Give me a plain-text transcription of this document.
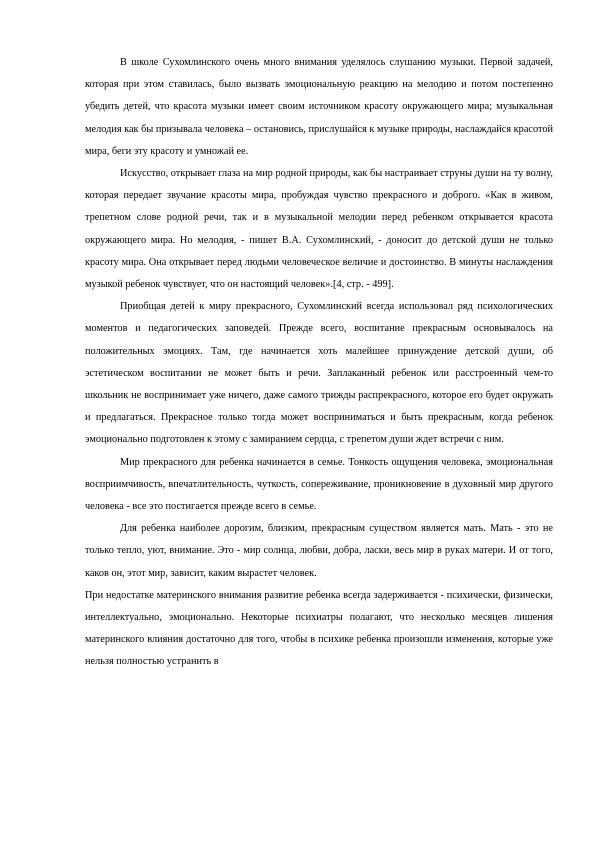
В школе Сухомлинского очень много внимания уделялось слушанию музыки. Первой задачей, которая при этом ставилась, было вызвать эмоциональную реакцию на мелодию и потом постепенно убедить детей, что красота музыки имеет своим источником красоту окружающего мира; музыкальная мелодия как бы призывала человека – остановись, прислушайся к музыке природы, наслаждайся красотой мира, беги эту красоту и умножай ее.

Искусство, открывает глаза на мир родной природы, как бы настраивает струны души на ту волну, которая передает звучание красоты мира, пробуждая чувство прекрасного и доброго. «Как в живом, трепетном слове родной речи, так и в музыкальной мелодии перед ребенком открывается красота окружающего мира. Но мелодия, - пишет В.А. Сухомлинский, - доносит до детской души не только красоту мира. Она открывает перед людьми человеческое величие и достоинство. В минуты наслаждения музыкой ребенок чувствует, что он настоящий человек».[4, стр. - 499].

Приобщая детей к миру прекрасного, Сухомлинский всегда использовал ряд психологических моментов и педагогических заповедей. Прежде всего, воспитание прекрасным основывалось на положительных эмоциях. Там, где начинается хоть малейшее принуждение детской души, об эстетическом воспитании не может быть и речи. Заплаканный ребенок или расстроенный чем-то школьник не воспринимает уже ничего, даже самого трижды распрекрасного, которое его будет окружать и предлагаться. Прекрасное только тогда может восприниматься и быть прекрасным, когда ребенок эмоционально подготовлен к этому с замиранием сердца, с трепетом души ждет встречи с ним.

Мир прекрасного для ребенка начинается в семье. Тонкость ощущения человека, эмоциональная восприимчивость, впечатлительность, чуткость, сопереживание, проникновение в духовный мир другого человека - все это постигается прежде всего в семье.

Для ребенка наиболее дорогим, близким, прекрасным существом является мать. Мать - это не только тепло, уют, внимание. Это - мир солнца, любви, добра, ласки, весь мир в руках матери. И от того, каков он, этот мир, зависит, каким вырастет человек.

При недостатке материнского внимания развитие ребенка всегда задерживается - психически, физически, интеллектуально, эмоционально. Некоторые психиатры полагают, что несколько месяцев лишения материнского влияния достаточно для того, чтобы в психике ребенка произошли изменения, которые уже нельзя полностью устранить в
